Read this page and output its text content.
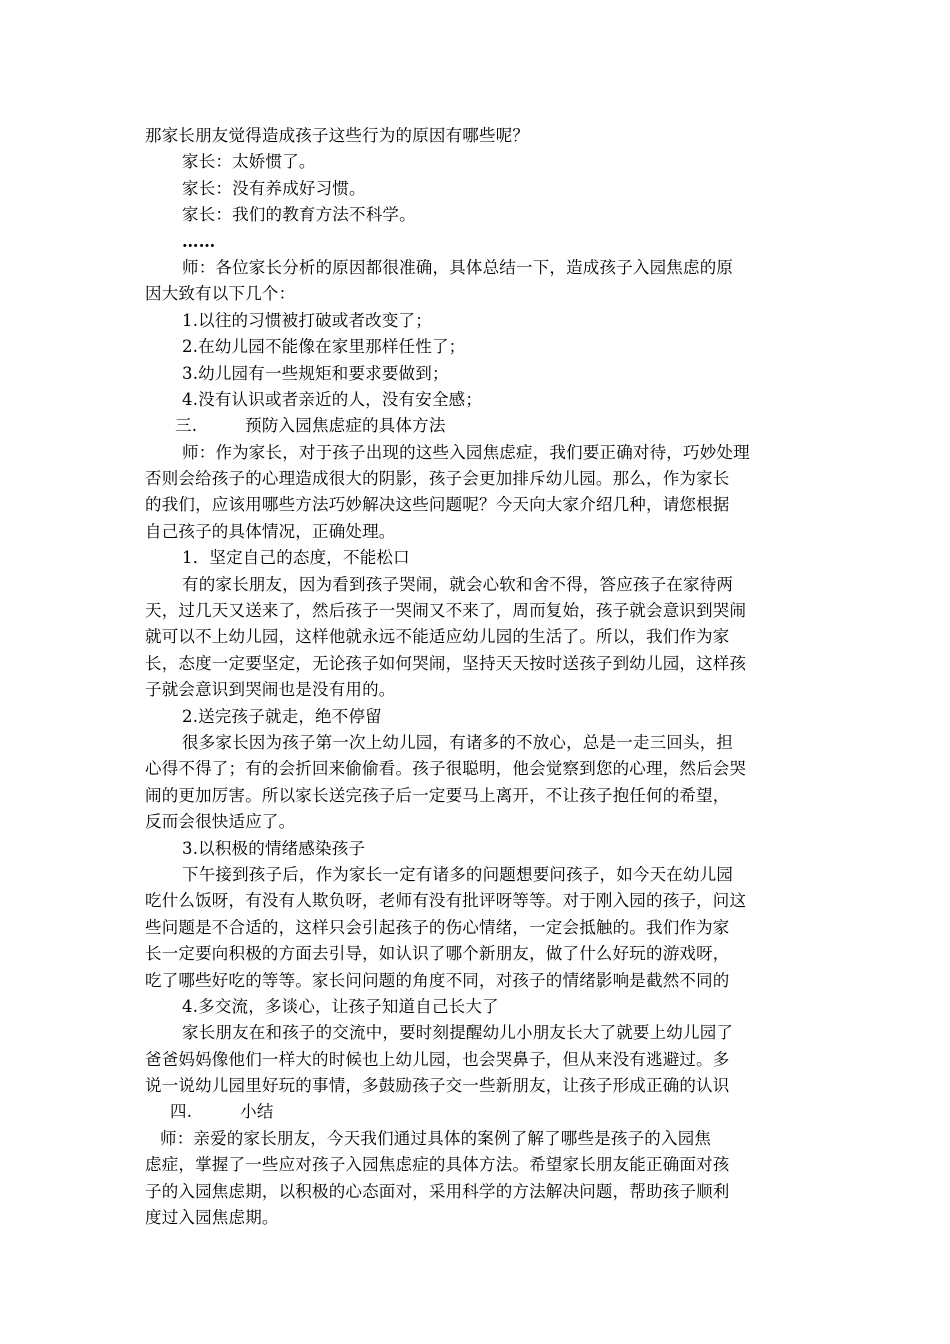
那家长朋友觉得造成孩子这些行为的原因有哪些呢？
家长：太娇惯了。
家长：没有养成好习惯。
家长：我们的教育方法不科学。
……
师：各位家长分析的原因都很准确，具体总结一下，造成孩子入园焦虑的原
因大致有以下几个：
1.以往的习惯被打破或者改变了；
2.在幼儿园不能像在家里那样任性了；
3.幼儿园有一些规矩和要求要做到；
4.没有认识或者亲近的人，没有安全感；
三.	预防入园焦虑症的具体方法
师：作为家长，对于孩子出现的这些入园焦虑症，我们要正确对待，巧妙处理
否则会给孩子的心理造成很大的阴影，孩子会更加排斥幼儿园。那么，作为家长
的我们，应该用哪些方法巧妙解决这些问题呢？今天向大家介绍几种，请您根据
自己孩子的具体情况，正确处理。
1．坚定自己的态度，不能松口
有的家长朋友，因为看到孩子哭闹，就会心软和舍不得，答应孩子在家待两
天，过几天又送来了，然后孩子一哭闹又不来了，周而复始，孩子就会意识到哭闹
就可以不上幼儿园，这样他就永远不能适应幼儿园的生活了。所以，我们作为家
长，态度一定要坚定，无论孩子如何哭闹，坚持天天按时送孩子到幼儿园，这样孩
子就会意识到哭闹也是没有用的。
2.送完孩子就走，绝不停留
很多家长因为孩子第一次上幼儿园，有诸多的不放心，总是一走三回头，担
心得不得了；有的会折回来偷偷看。孩子很聪明，他会觉察到您的心理，然后会哭
闹的更加厉害。所以家长送完孩子后一定要马上离开，不让孩子抱任何的希望，
反而会很快适应了。
3.以积极的情绪感染孩子
下午接到孩子后，作为家长一定有诸多的问题想要问孩子，如今天在幼儿园
吃什么饭呀，有没有人欺负呀，老师有没有批评呀等等。对于刚入园的孩子，问这
些问题是不合适的，这样只会引起孩子的伤心情绪，一定会抵触的。我们作为家
长一定要向积极的方面去引导，如认识了哪个新朋友，做了什么好玩的游戏呀，
吃了哪些好吃的等等。家长问问题的角度不同，对孩子的情绪影响是截然不同的
4.多交流，多谈心，让孩子知道自己长大了
家长朋友在和孩子的交流中，要时刻提醒幼儿小朋友长大了就要上幼儿园了
爸爸妈妈像他们一样大的时候也上幼儿园，也会哭鼻子，但从来没有逃避过。多
说一说幼儿园里好玩的事情，多鼓励孩子交一些新朋友，让孩子形成正确的认识
四.	小结
师：亲爱的家长朋友，今天我们通过具体的案例了解了哪些是孩子的入园焦
虑症，掌握了一些应对孩子入园焦虑症的具体方法。希望家长朋友能正确面对孩
子的入园焦虑期，以积极的心态面对，采用科学的方法解决问题，帮助孩子顺利
度过入园焦虑期。
